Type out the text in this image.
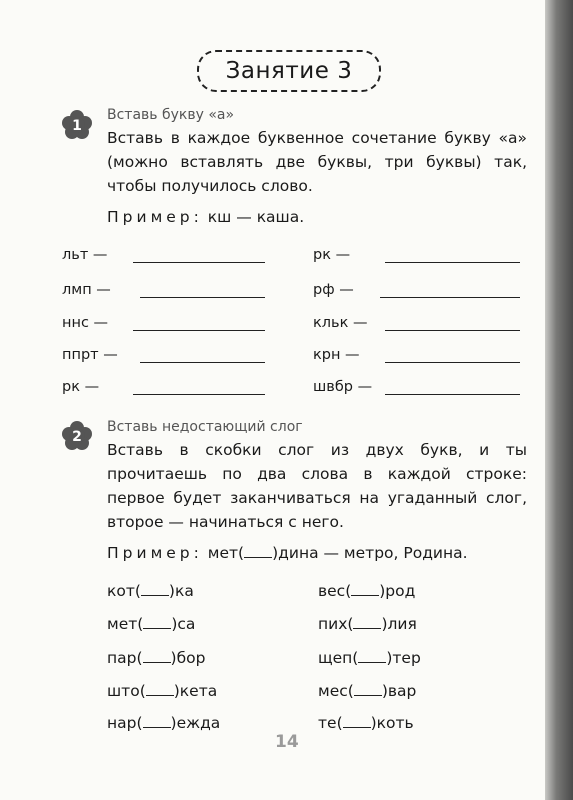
Занятие 3
1
Вставь букву «а»
Вставь в каждое буквенное сочетание букву «а» (можно вставлять две буквы, три буквы) так, чтобы получилось слово.
Пример: кш — каша.
льт —
лмп —
ннс —
ппрт —
рк —
рк —
рф —
кльк —
крн —
швбр —
2
Вставь недостающий слог
Вставь в скобки слог из двух букв, и ты прочитаешь по два слова в каждой строке: первое будет заканчиваться на угаданный слог, второе — начинаться с него.
Пример: мет( )дина — метро, Родина.
кот( )ка
мет( )са
пар( )бор
што( )кета
нар( )ежда
вес( )род
пих( )лия
щеп( )тер
мес( )вар
те( )коть
14
